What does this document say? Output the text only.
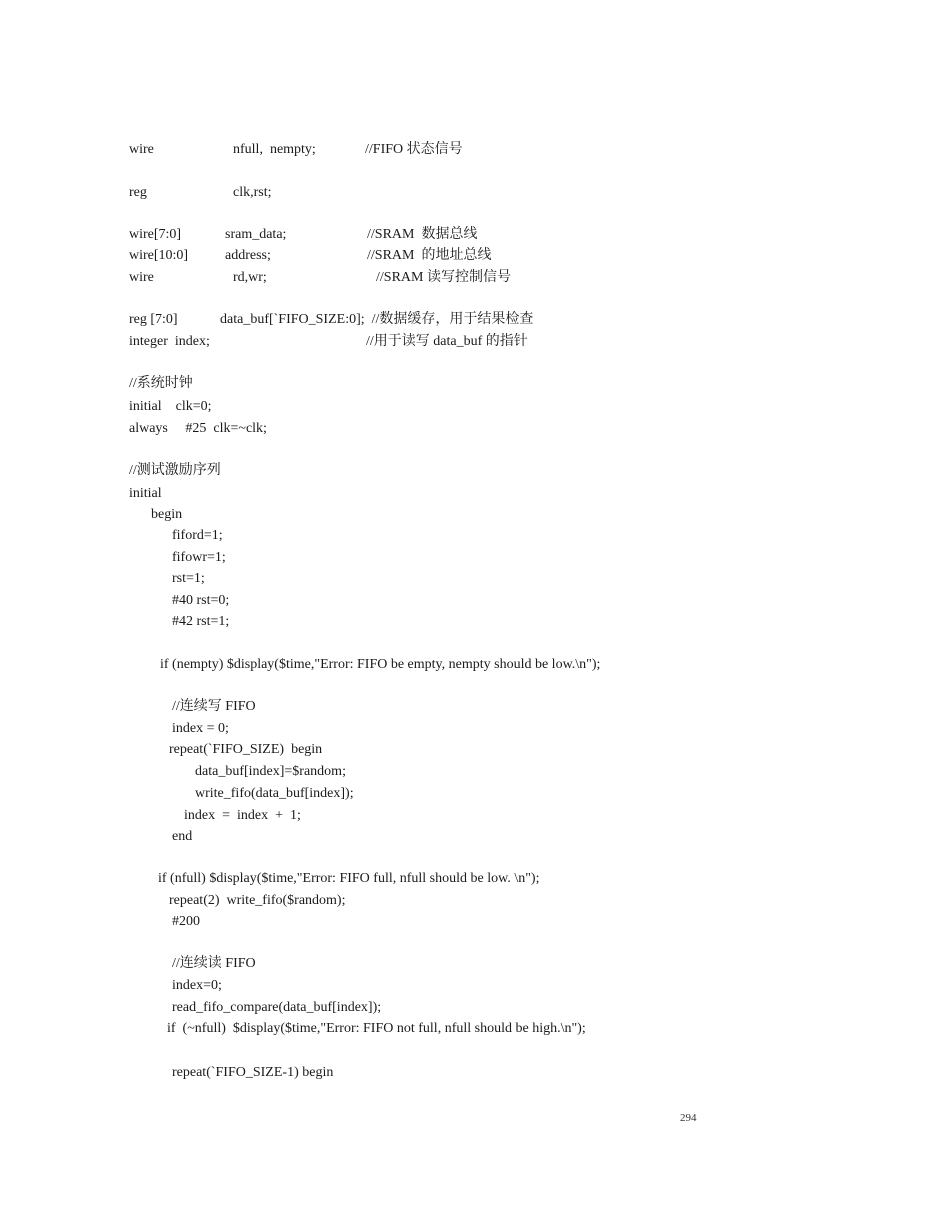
wire	nfull,  nempty;	//FIFO 状态信号
reg	clk,rst;
wire[7:0]	sram_data;	//SRAM  数据总线
wire[10:0]	address;	//SRAM  的地址总线
wire	rd,wr;	//SRAM 读写控制信号
reg [7:0]	data_buf[`FIFO_SIZE:0];  //数据缓存，用于结果检查
integer  index;	//用于读写 data_buf 的指针
//系统时钟
initial    clk=0;
always     #25  clk=~clk;
//测试激励序列
initial
begin
fiford=1;
fifowr=1;
rst=1;
#40 rst=0;
#42 rst=1;
if (nempty) $display($time,"Error: FIFO be empty, nempty should be low.\n");
//连续写 FIFO
index = 0;
repeat(`FIFO_SIZE)  begin
data_buf[index]=$random;
write_fifo(data_buf[index]);
index  =  index  +  1;
end
if (nfull) $display($time,"Error: FIFO full, nfull should be low. \n");
repeat(2)  write_fifo($random);
#200
//连续读 FIFO
index=0;
read_fifo_compare(data_buf[index]);
if  (~nfull)  $display($time,"Error: FIFO not full, nfull should be high.\n");
repeat(`FIFO_SIZE-1) begin
294
